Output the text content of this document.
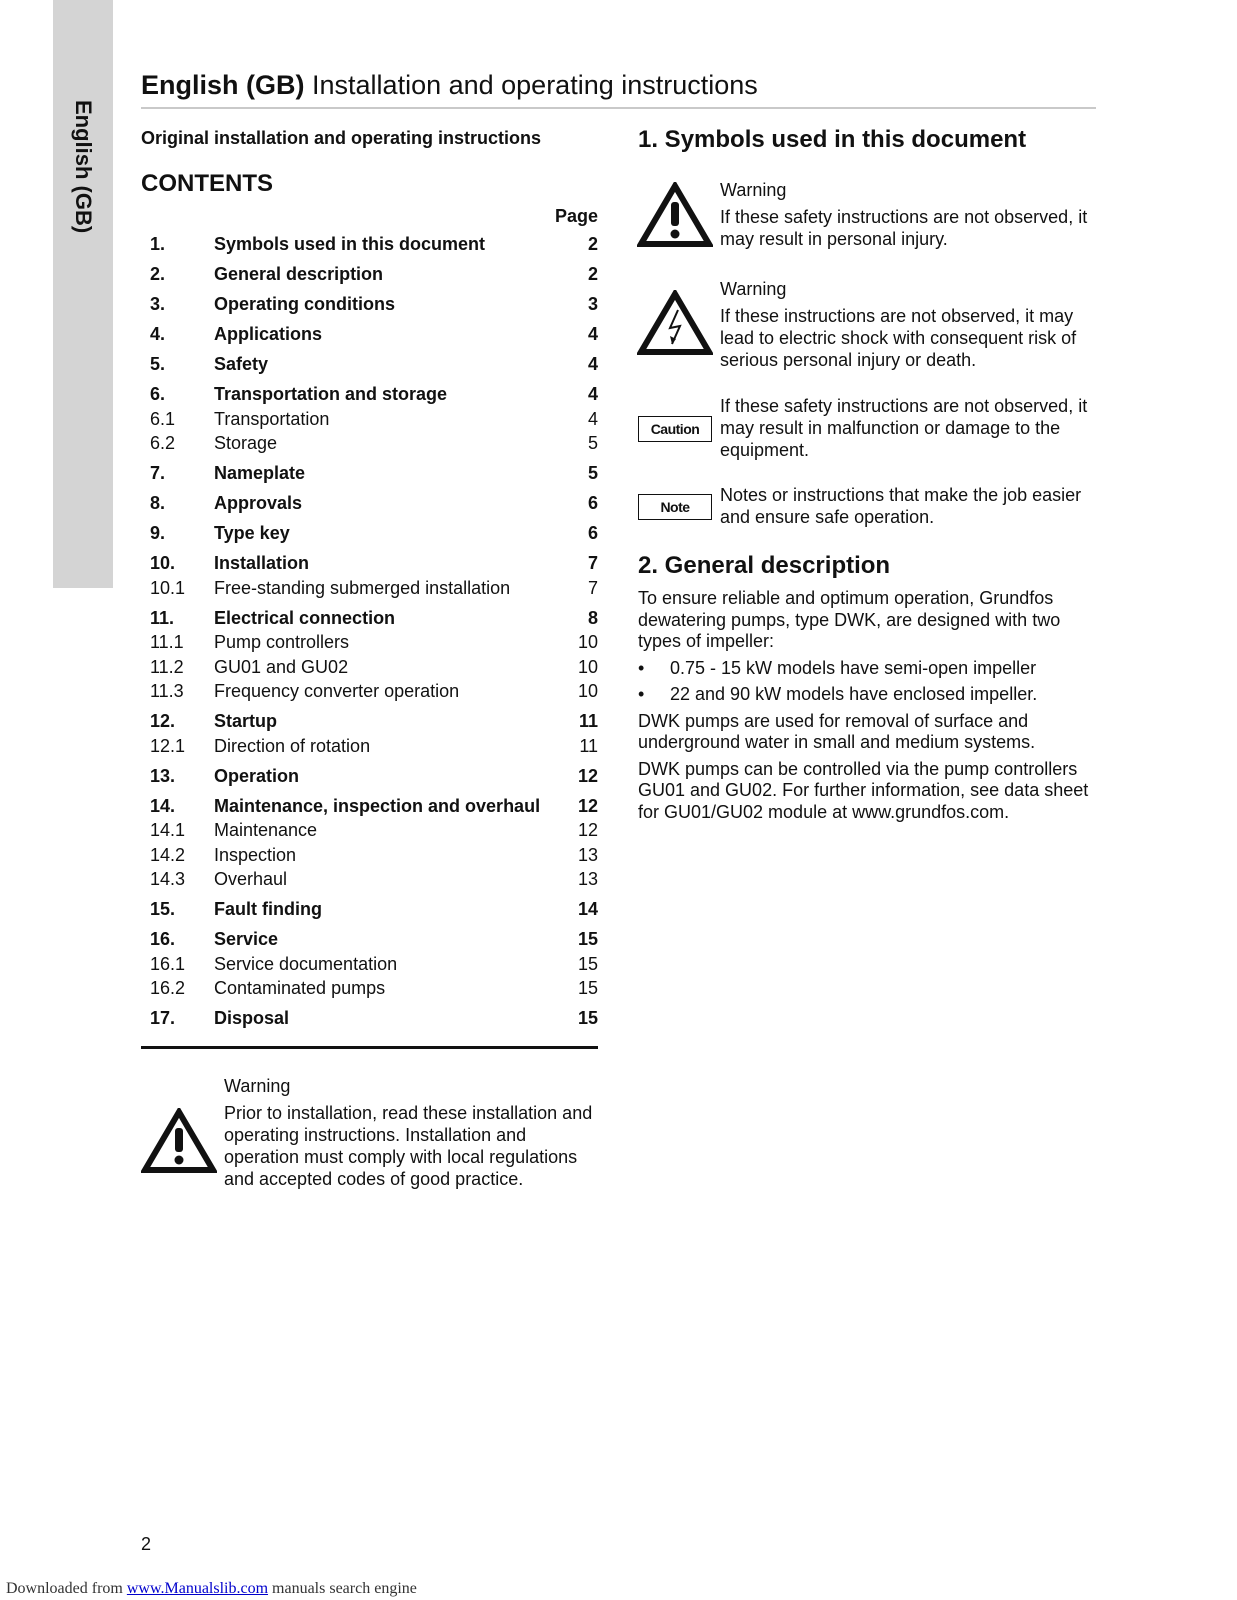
English (GB)
English (GB) Installation and operating instructions
Original installation and operating instructions
CONTENTS
Page
1.	Symbols used in this document	2
2.	General description	2
3.	Operating conditions	3
4.	Applications	4
5.	Safety	4
6.	Transportation and storage	4
6.1	Transportation	4
6.2	Storage	5
7.	Nameplate	5
8.	Approvals	6
9.	Type key	6
10.	Installation	7
10.1	Free-standing submerged installation	7
11.	Electrical connection	8
11.1	Pump controllers	10
11.2	GU01 and GU02	10
11.3	Frequency converter operation	10
12.	Startup	11
12.1	Direction of rotation	11
13.	Operation	12
14.	Maintenance, inspection and overhaul	12
14.1	Maintenance	12
14.2	Inspection	13
14.3	Overhaul	13
15.	Fault finding	14
16.	Service	15
16.1	Service documentation	15
16.2	Contaminated pumps	15
17.	Disposal	15
Warning
Prior to installation, read these installation and operating instructions. Installation and operation must comply with local regulations and accepted codes of good practice.
1. Symbols used in this document
Warning
If these safety instructions are not observed, it may result in personal injury.
Warning
If these instructions are not observed, it may lead to electric shock with consequent risk of serious personal injury or death.
Caution
If these safety instructions are not observed, it may result in malfunction or damage to the equipment.
Note
Notes or instructions that make the job easier and ensure safe operation.
2. General description

To ensure reliable and optimum operation, Grundfos dewatering pumps, type DWK, are designed with two types of impeller:

•	0.75 - 15 kW models have semi-open impeller
•	22 and 90 kW models have enclosed impeller.

DWK pumps are used for removal of surface and underground water in small and medium systems.

DWK pumps can be controlled via the pump controllers GU01 and GU02. For further information, see data sheet for GU01/GU02 module at www.grundfos.com.

2
Downloaded from www.Manualslib.com manuals search engine
